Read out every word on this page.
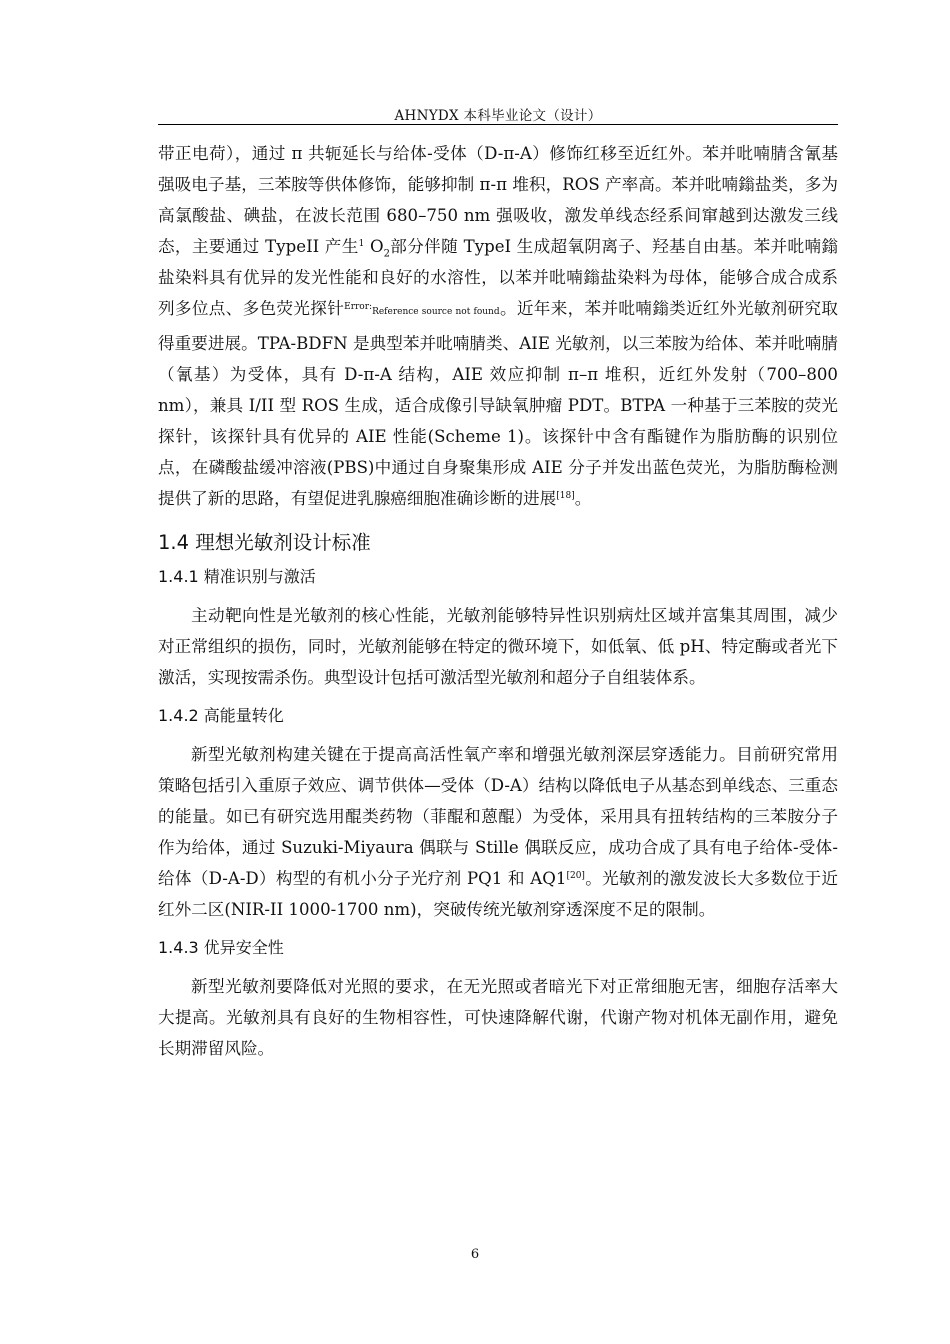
AHNYDX 本科毕业论文（设计）

带正电荷），通过 π 共轭延长与给体-受体（D-π-A）修饰红移至近红外。苯并吡喃腈含氰基强吸电子基，三苯胺等供体修饰，能够抑制 π-π 堆积，ROS 产率高。苯并吡喃鎓盐类，多为高氯酸盐、碘盐，在波长范围 680–750 nm 强吸收，激发单线态经系间窜越到达激发三线态，主要通过 TypeII 产生$^1$ $O_2$部分伴随 TypeI 生成超氧阴离子、羟基自由基。苯并吡喃鎓盐染料具有优异的发光性能和良好的水溶性，以苯并吡喃鎓盐染料为母体，能够合成合成系列多位点、多色荧光探针$^{Error:}$Reference source not found。近年来，苯并吡喃鎓类近红外光敏剂研究取得重要进展。TPA-BDFN 是典型苯并吡喃腈类、AIE 光敏剂，以三苯胺为给体、苯并吡喃腈（氰基）为受体，具有 D-π-A 结构，AIE 效应抑制 π–π 堆积，近红外发射（700–800 nm），兼具 I/II 型 ROS 生成，适合成像引导缺氧肿瘤 PDT。BTPA 一种基于三苯胺的荧光探针，该探针具有优异的 AIE 性能(Scheme 1)。该探针中含有酯键作为脂肪酶的识别位点，在磷酸盐缓冲溶液(PBS)中通过自身聚集形成 AIE 分子并发出蓝色荧光，为脂肪酶检测提供了新的思路，有望促进乳腺癌细胞准确诊断的进展[18]。

1.4 理想光敏剂设计标准
1.4.1 精准识别与激活

主动靶向性是光敏剂的核心性能，光敏剂能够特异性识别病灶区域并富集其周围，减少对正常组织的损伤，同时，光敏剂能够在特定的微环境下，如低氧、低 pH、特定酶或者光下激活，实现按需杀伤。典型设计包括可激活型光敏剂和超分子自组装体系。

1.4.2 高能量转化

新型光敏剂构建关键在于提高高活性氧产率和增强光敏剂深层穿透能力。目前研究常用策略包括引入重原子效应、调节供体—受体（D-A）结构以降低电子从基态到单线态、三重态的能量。如已有研究选用醌类药物（菲醌和蒽醌）为受体，采用具有扭转结构的三苯胺分子作为给体，通过 Suzuki-Miyaura 偶联与 Stille 偶联反应，成功合成了具有电子给体-受体-给体（D-A-D）构型的有机小分子光疗剂 PQ1 和 AQ1[20]。光敏剂的激发波长大多数位于近红外二区(NIR-II 1000-1700 nm)，突破传统光敏剂穿透深度不足的限制。

1.4.3 优异安全性

新型光敏剂要降低对光照的要求，在无光照或者暗光下对正常细胞无害，细胞存活率大大提高。光敏剂具有良好的生物相容性，可快速降解代谢，代谢产物对机体无副作用，避免长期滞留风险。

6
